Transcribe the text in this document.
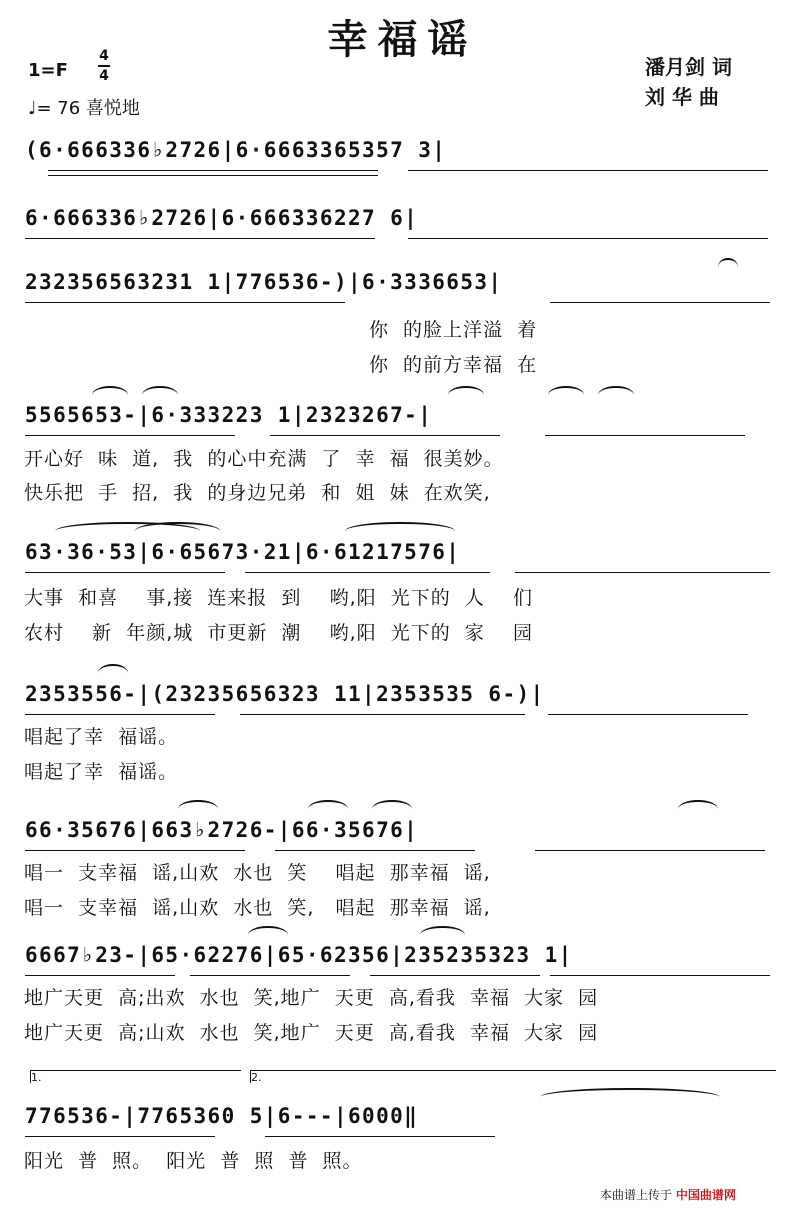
幸福谣
1=F
4
4
♩= 76 喜悦地
潘月剑 词
刘 华 曲
(6·666336♭2726|6·6663365357 3|
6·666336♭2726|6·666336227 6|
232356563231 1|776536-)|6·3336653|
你  的脸上洋溢  着
你  的前方幸福  在
5565653-|6·333223 1|2323267-|
开心好  味  道,  我  的心中充满  了  幸  福  很美妙。
快乐把  手  招,  我  的身边兄弟  和  姐  妹  在欢笑,
63·36·53|6·65673·21|6·61217576|
大事  和喜    事,接  连来报  到    哟,阳  光下的  人    们
农村    新  年颜,城  市更新  潮    哟,阳  光下的  家    园
2353556-|(23235656323 11|2353535 6-)|
唱起了幸  福谣。
唱起了幸  福谣。
66·35676|663♭2726-|66·35676|
唱一  支幸福  谣,山欢  水也  笑    唱起  那幸福  谣,
唱一  支幸福  谣,山欢  水也  笑,   唱起  那幸福  谣,
6667♭23-|65·62276|65·62356|235235323 1|
地广天更  高;出欢  水也  笑,地广  天更  高,看我  幸福  大家  园
地广天更  高;山欢  水也  笑,地广  天更  高,看我  幸福  大家  园
1.	2.
776536-|7765360 5|6---|6000‖
阳光  普  照。  阳光  普  照  普  照。
本曲谱上传于 中国曲谱网
